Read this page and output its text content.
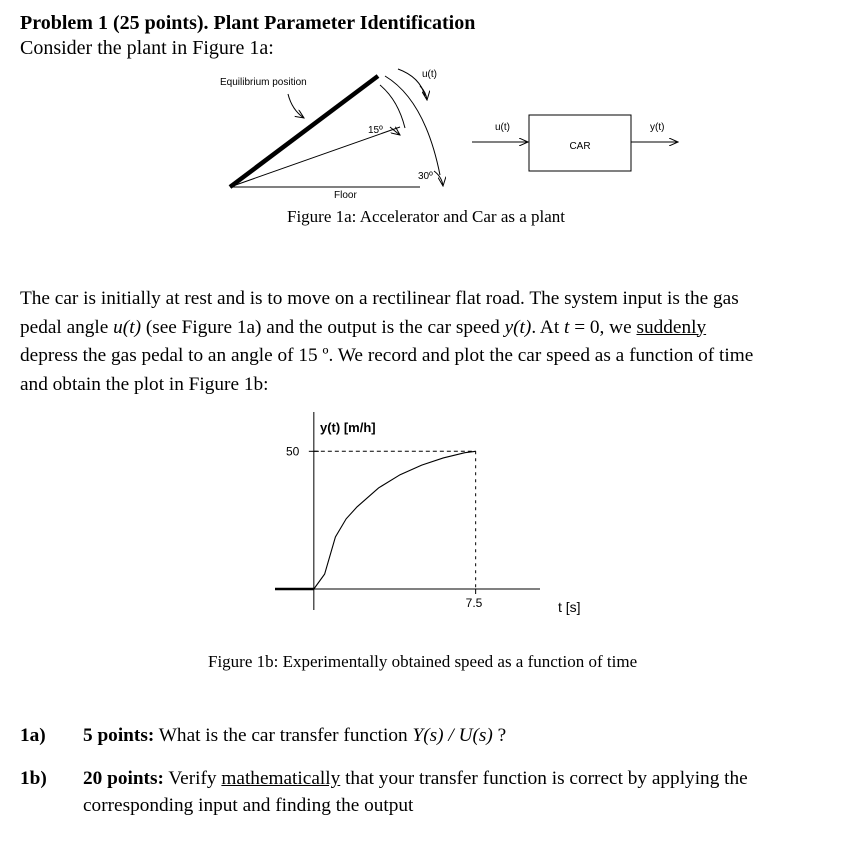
Problem 1 (25 points). Plant Parameter Identification
Consider the plant in Figure 1a:
Equilibrium position
Floor
15º
30º
u(t)
u(t)
CAR
y(t)
Figure 1a: Accelerator and Car as a plant

The car is initially at rest and is to move on a rectilinear flat road. The system input is the gas

pedal angle u(t) (see Figure 1a) and the output is the car speed y(t). At t = 0, we suddenly

depress the gas pedal to an angle of 15 º. We record and plot the car speed as a function of time

and obtain the plot in Figure 1b:

y(t) [m/h]
t [s]
50
7.5
Figure 1b: Experimentally obtained speed as a function of time
1a) 5 points: What is the car transfer function Y(s) / U(s) ?
1b) 20 points: Verify mathematically that your transfer function is correct by applying the
corresponding input and finding the output
